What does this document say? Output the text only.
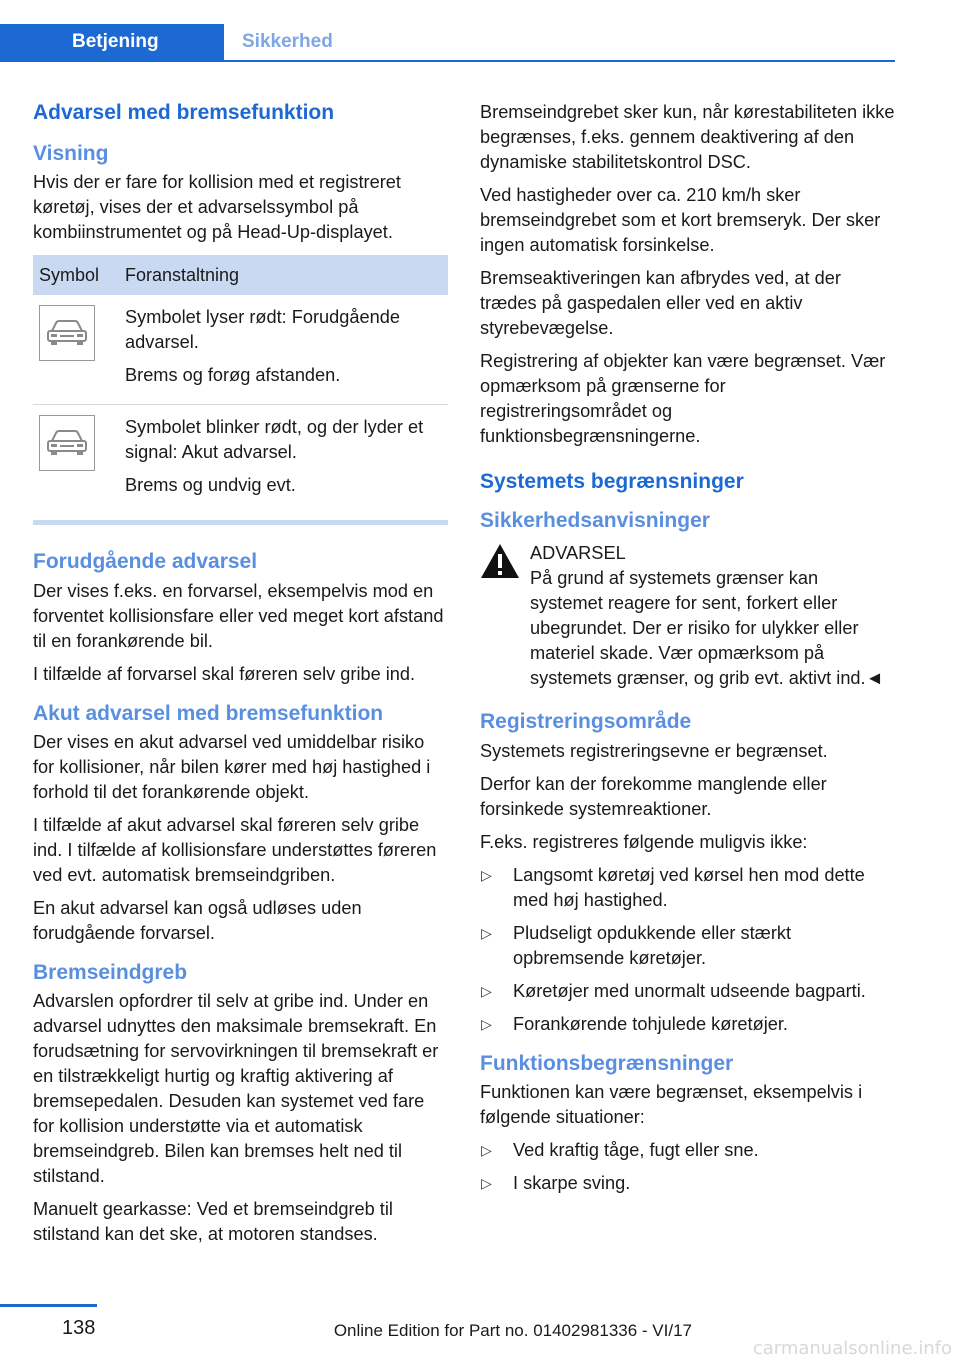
Betjening	Sikkerhed
Advarsel med bremsefunktion
Visning

Hvis der er fare for kollision med et registreret køretøj, vises der et advarselssymbol på kombiinstrumentet og på Head-Up-displayet.

Symbol	Foranstaltning

Symbolet lyser rødt: Forudgående advarsel.

Brems og forøg afstanden.

Symbolet blinker rødt, og der lyder et signal: Akut advarsel.

Brems og undvig evt.

Forudgående advarsel

Der vises f.eks. en forvarsel, eksempelvis mod en forventet kollisionsfare eller ved meget kort afstand til en forankørende bil.

I tilfælde af forvarsel skal føreren selv gribe ind.

Akut advarsel med bremsefunktion

Der vises en akut advarsel ved umiddelbar risiko for kollisioner, når bilen kører med høj hastighed i forhold til det forankørende objekt.

I tilfælde af akut advarsel skal føreren selv gribe ind. I tilfælde af kollisionsfare understøttes føreren ved evt. automatisk bremseindgriben.

En akut advarsel kan også udløses uden forudgående forvarsel.

Bremseindgreb

Advarslen opfordrer til selv at gribe ind. Under en advarsel udnyttes den maksimale bremsekraft. En forudsætning for servovirkningen til bremsekraft er en tilstrækkeligt hurtig og kraftig aktivering af bremsepedalen. Desuden kan systemet ved fare for kollision understøtte via et automatisk bremseindgreb. Bilen kan bremses helt ned til stilstand.

Manuelt gearkasse: Ved et bremseindgreb til stilstand kan det ske, at motoren standses.

Bremseindgrebet sker kun, når kørestabiliteten ikke begrænses, f.eks. gennem deaktivering af den dynamiske stabilitetskontrol DSC.

Ved hastigheder over ca. 210 km/h sker bremseindgrebet som et kort bremseryk. Der sker ingen automatisk forsinkelse.

Bremseaktiveringen kan afbrydes ved, at der trædes på gaspedalen eller ved en aktiv styrebevægelse.

Registrering af objekter kan være begrænset. Vær opmærksom på grænserne for registreringsområdet og funktionsbegrænsningerne.

Systemets begrænsninger
Sikkerhedsanvisninger

ADVARSEL

På grund af systemets grænser kan systemet reagere for sent, forkert eller ubegrundet. Der er risiko for ulykker eller materiel skade. Vær opmærksom på systemets grænser, og grib evt. aktivt ind.◄

Registreringsområde

Systemets registreringsevne er begrænset.

Derfor kan der forekomme manglende eller forsinkede systemreaktioner.

F.eks. registreres følgende muligvis ikke:

▷ Langsomt køretøj ved kørsel hen mod dette med høj hastighed.
▷ Pludseligt opdukkende eller stærkt opbremsende køretøjer.
▷ Køretøjer med unormalt udseende bagparti.
▷ Forankørende tohjulede køretøjer.
Funktionsbegrænsninger

Funktionen kan være begrænset, eksempelvis i følgende situationer:

▷ Ved kraftig tåge, fugt eller sne.
▷ I skarpe sving.
138	Online Edition for Part no. 01402981336 - VI/17
carmanualsonline.info
